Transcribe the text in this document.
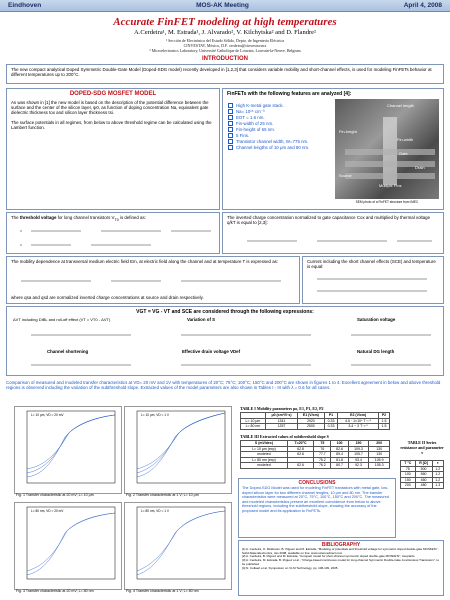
Eindhoven	MOS-AK Meeting	April 4, 2008
Accurate FinFET modeling at high temperatures
A.Cerdeira¹, M. Estrada¹, J. Alvarado², V. Kilchytska² and D. Flandre²
¹ Sección de Electrónica del Estado Sólido, Depto. de Ingeniería Eléctrica
CINVESTAV, México, D.F. cerdeira@cinvestav.mx
² Microelectronics Laboratory, Université Catholique de Louvain, Louvain-la-Neuve, Belgium
INTRODUCTION
The new compact analytical Doped Symmetric Double-Gate Model (Doped-SDG model) recently developed in [1,2,3] that considers variable mobility and short-channel effects, is used for modeling FinFETs behavior at different temperatures up to 200°C.
DOPED-SDG MOSFET MODEL
As was shown in [1] the new model is based on the description of the potential difference between the surface and the center of the silicon layer, ψ0, as function of doping concentration Na, equivalent gate dielectric thickness tox and silicon layer thickness tsi.
The surface potentials in all regimes, from below to above threshold regime can be calculated using the Lambert function.
FinFETs with the following features are analyzed [4]:
High K-metal gate stack.
Na= 10¹⁵ cm⁻³
EOT = 1.6 nm.
Fin-width of 25 nm.
Fin-height of 65 nm.
5 Fins.
Transistor channel width, W=775 nm.
Channel lengths of 10 μm and 80 nm.
Channel length
Fin-height
Fin-width
Gate
Drain
Source
Multiple Fins
SEM photo of a FinFET structure from IMEC
The threshold voltage for long channel transistors $V_{T0}$ is defined as:	The inverted charge concentration normalized to gate capacitance Cox and multiplied by thermal voltage q/kT is equal to [2,3]:
The mobility dependence at transversal medium electric field Em, at electric field along the channel and at temperature T is expressed as:
where qsa and qsd are normalized inverted charge concentrations at source and drain respectively.
Current including the short channel effects (SCE) and temperature is equal:
VGT = VG - VT and SCE are considered through the following expressions:
ΔVT including DIBL and roll-off effect (VT = VT0 - ΔVT)	Variation of S	Saturation voltage
Channel shortening	Effective drain voltage VDef	Natural DG length
Comparison of measured and modeled transfer characteristics at VD= 20 mV and 1V with temperatures of 20°C; 75°C; 100°C; 150°C and 200°C are shown in figures 1 to 4. Excellent agreement in below and above threshold regions is observed including the variation of the subthreshold slope. Extracted values of the model parameters are also shown in Tables I - III with λ = 0.6 for all cases.
L= 10 μm, VD = 20 mV
Fig. 1 Transfer characteristic at 20 mV; L= 10 μm
L= 10 μm, VD = 1 V
Fig. 2 Transfer characteristic at 1 V; L= 10 μm
L= 80 nm, VD = 20 mV
Fig. 3 Transfer characteristic at 20 mV; L= 80 nm
L= 80 nm, VD = 1 V
Fig. 4 Transfer characteristic at 1 V; L= 80 nm
TABLE I Mobility parameters μo, E1, P1, E2, P2
	μ0 (cm²/V·s)	E1 (V/cm)	P1	E2 (V/cm)	P2
L= 10 μm	1341	2920	0.33	4.5 · 1×10⁶ T⁻¹·⁸	1.5
L= 80 nm	1257	2500	0.33	3.4 ~ 2 T⁻¹·⁸	1.5
TABLE II Series resistance and parameter τ
T °C	R [Ω]	τ
75	500	1.2
100	560	1.2
150	460	1.2
200	480	1.3
TABLE III Extracted values of subthreshold slope S
S (mV/dec)	T=20°C	75	100	150	200
L= 10 μm (exp)	62.8	76	82.6	109.3	130
modeled	62.6	77.7	89.4	105.7	130
L= 80 nm (exp)		75.2	81.8	93.4	105.9
modeled	62.6	76.2	80.7	92.3	105.3
CONCLUSIONS
The Doped-SDG Model was used for modeling FinFET transistors with metal gate, low-doped silicon layer for two different channel lengths, 10 μm and 80 nm. The transfer characteristics were measured at 20°C, 75°C, 100°C, 150°C and 200°C. The measured and modeled characteristics present an excellent coincidence from below to above threshold regions, including the subthreshold slope, showing the accuracy of the proposed model and its application to FinFETs.
BIBLIOGRAPHY
[1] A. Cerdeira, O. Moldovan, B. Iñiguez and M. Estrada, "Modeling of potentials and threshold voltage for symmetric doped double-gate MOSFETs", Solid-State Electronics, Jan 2008, available on line: www.sciencedirect.com
[2] A. Cerdeira, B. Iñiguez and M. Estrada, "Compact model for short-channel symmetric doped double-gate MOSFETs", Aceptado
[3] A. Cerdeira, M. Estrada, B. Iñiguez et al., "Charge-based continuous model for long-channel Symmetric Double-Gate Junctionless Transistors", to be published
[4] N. Collaert et al, Symposium on VLSI Technology, pp. 108-109, 2005.
